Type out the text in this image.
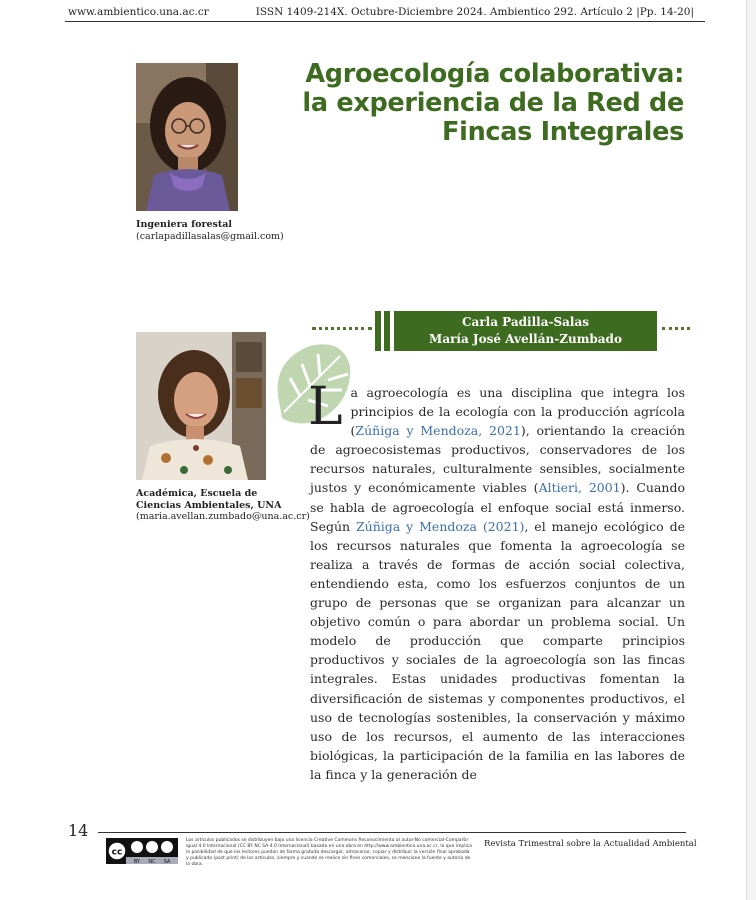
www.ambientico.una.ac.cr	ISSN 1409-214X. Octubre-Diciembre 2024. Ambientico 292. Artículo 2 |Pp. 14-20|
Agroecología colaborativa:
la experiencia de la Red de
Fincas Integrales
Ingeniera forestal
(carlapadillasalas@gmail.com)
Carla Padilla-Salas
María José Avellán-Zumbado
Académica, Escuela de Ciencias Ambientales, UNA
(maria.avellan.zumbado@una.ac.cr)
La agroecología es una disciplina que integra los principios de la ecología con la producción agrícola (Zúñiga y Mendoza, 2021), orientando la creación de agroecosistemas productivos, conservadores de los recursos naturales, culturalmente sensibles, socialmente justos y económicamente viables (Altieri, 2001). Cuando se habla de agroecología el enfoque social está inmerso. Según Zúñiga y Mendoza (2021), el manejo ecológico de los recursos naturales que fomenta la agroecología se realiza a través de formas de acción social colectiva, entendiendo esta, como los esfuerzos conjuntos de un grupo de personas que se organizan para alcanzar un objetivo común o para abordar un problema social. Un modelo de producción que comparte principios productivos y sociales de la agroecología son las fincas integrales. Estas unidades productivas fomentan la diversificación de sistemas y componentes productivos, el uso de tecnologías sostenibles, la conservación y máximo uso de los recursos, el aumento de las interacciones biológicas, la participación de la familia en las labores de la finca y la generación de
14
cc
BY NC SA
Los artículos publicados se distribuyen bajo una licencia Creative Commons Reconocimiento al autor-No comercial-Compartir igual 4.0 Internacional (CC BY NC SA 4.0 Internacional) basada en una obra en http://www.ambientico.una.ac.cr, lo que implica la posibilidad de que los lectores puedan de forma gratuita descargar, almacenar, copiar y distribuir la versión final aprobada y publicada (post print) de los artículos, siempre y cuando se realice sin fines comerciales, se mencione la fuente y autoría de la obra.
Revista Trimestral sobre la Actualidad Ambiental
